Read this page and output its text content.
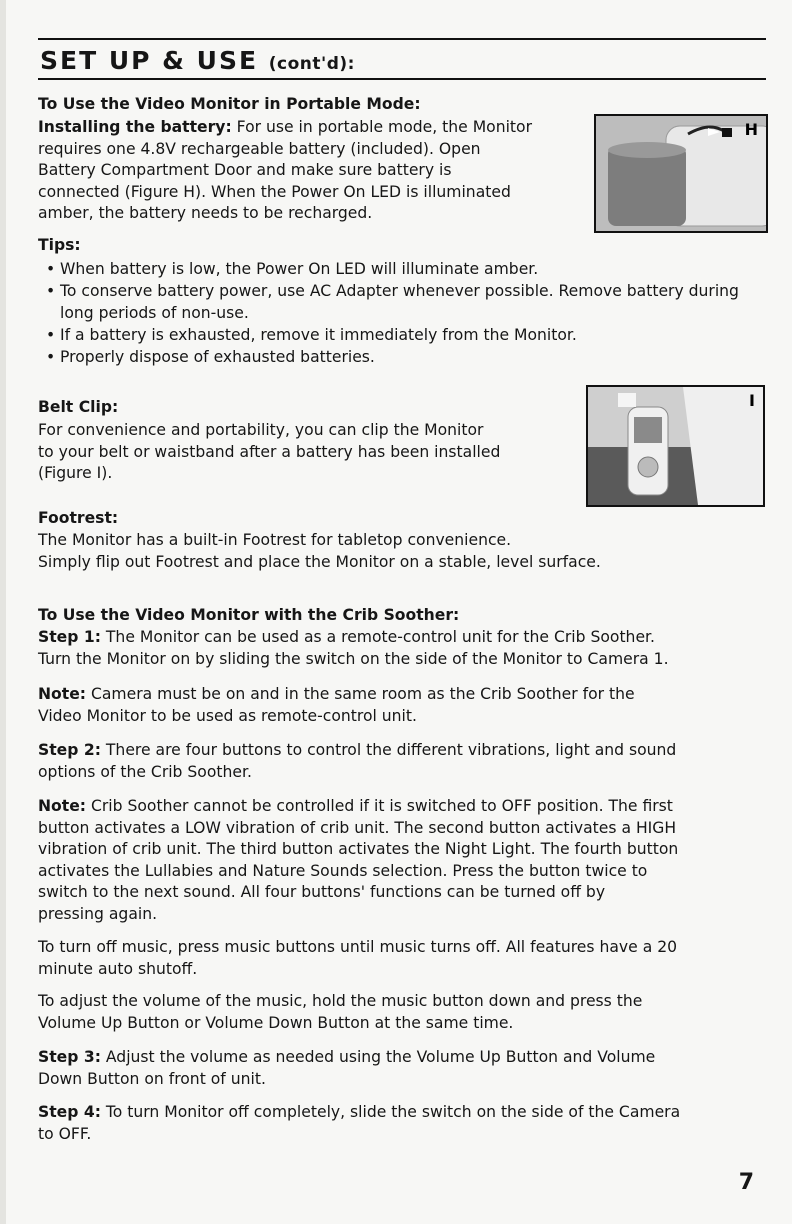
SET UP & USE (cont'd):
To Use the Video Monitor in Portable Mode:
Installing the battery: For use in portable mode, the Monitor
requires one 4.8V rechargeable battery (included). Open
Battery Compartment Door and make sure battery is
connected (Figure H). When the Power On LED is illuminated
amber, the battery needs to be recharged.
H
Tips:
• When battery is low, the Power On LED will illuminate amber.
• To conserve battery power, use AC Adapter whenever possible. Remove battery during long periods of non-use.
• If a battery is exhausted, remove it immediately from the Monitor.
• Properly dispose of exhausted batteries.
Belt Clip:
For convenience and portability, you can clip the Monitor
to your belt or waistband after a battery has been installed
(Figure I).
I
Footrest:
The Monitor has a built-in Footrest for tabletop convenience.
Simply flip out Footrest and place the Monitor on a stable, level surface.
To Use the Video Monitor with the Crib Soother:
Step 1: The Monitor can be used as a remote-control unit for the Crib Soother.
Turn the Monitor on by sliding the switch on the side of the Monitor to Camera 1.
Note: Camera must be on and in the same room as the Crib Soother for the
Video Monitor to be used as remote-control unit.
Step 2: There are four buttons to control the different vibrations, light and sound
options of the Crib Soother.
Note: Crib Soother cannot be controlled if it is switched to OFF position. The first
button activates a LOW vibration of crib unit. The second button activates a HIGH
vibration of crib unit. The third button activates the Night Light. The fourth button
activates the Lullabies and Nature Sounds selection. Press the button twice to
switch to the next sound. All four buttons' functions can be turned off by
pressing again.
To turn off music, press music buttons until music turns off. All features have a 20
minute auto shutoff.
To adjust the volume of the music, hold the music button down and press the
Volume Up Button or Volume Down Button at the same time.
Step 3: Adjust the volume as needed using the Volume Up Button and Volume
Down Button on front of unit.
Step 4: To turn Monitor off completely, slide the switch on the side of the Camera
to OFF.
7
